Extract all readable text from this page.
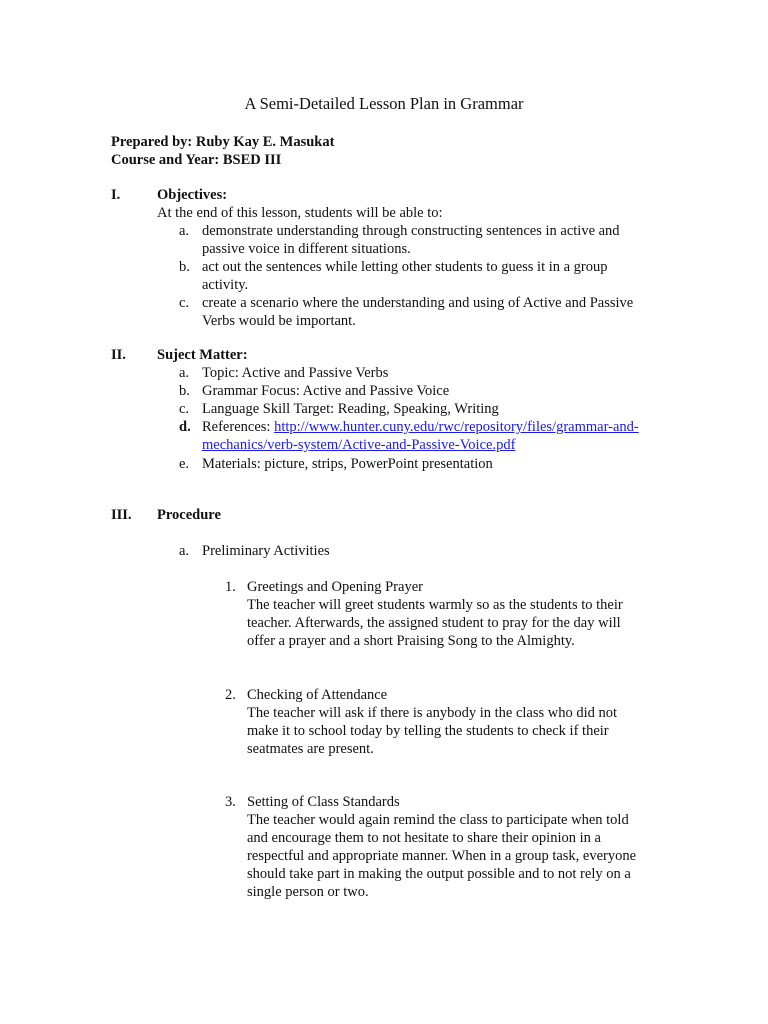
A Semi-Detailed Lesson Plan in Grammar
Prepared by: Ruby Kay E. Masukat
Course and Year: BSED III
I.	Objectives:
At the end of this lesson, students will be able to:
a. demonstrate understanding through constructing sentences in active and passive voice in different situations.
b. act out the sentences while letting other students to guess it in a group activity.
c. create a scenario where the understanding and using of Active and Passive Verbs would be important.
II. Suject Matter:
a. Topic: Active and Passive Verbs
b. Grammar Focus: Active and Passive Voice
c. Language Skill Target: Reading, Speaking, Writing
d. References: http://www.hunter.cuny.edu/rwc/repository/files/grammar-and-mechanics/verb-system/Active-and-Passive-Voice.pdf
e. Materials: picture, strips, PowerPoint presentation
III. Procedure
a. Preliminary Activities
1. Greetings and Opening Prayer
The teacher will greet students warmly so as the students to their teacher. Afterwards, the assigned student to pray for the day will offer a prayer and a short Praising Song to the Almighty.
2. Checking of Attendance
The teacher will ask if there is anybody in the class who did not make it to school today by telling the students to check if their seatmates are present.
3. Setting of Class Standards
The teacher would again remind the class to participate when told and encourage them to not hesitate to share their opinion in a respectful and appropriate manner. When in a group task, everyone should take part in making the output possible and to not rely on a single person or two.
